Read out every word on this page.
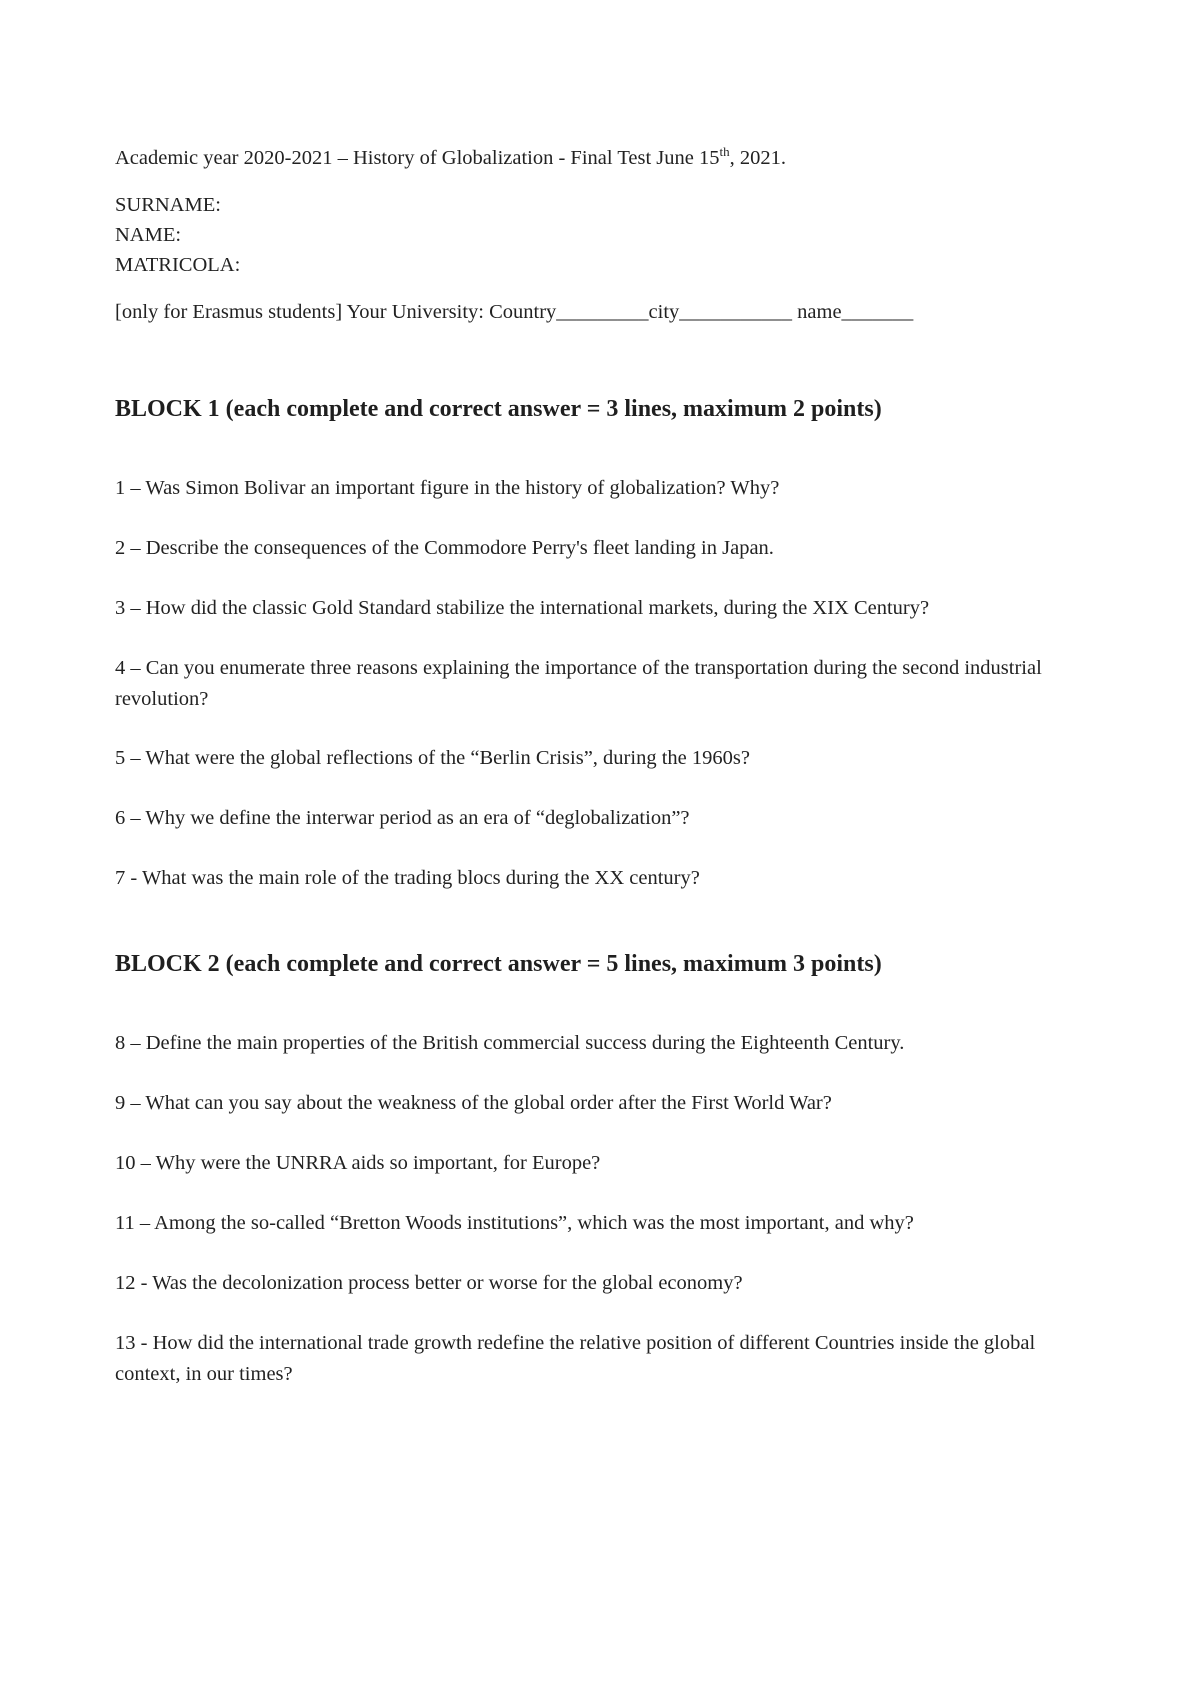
Academic year 2020-2021 – History of Globalization - Final Test June 15th, 2021.
SURNAME:
NAME:
MATRICOLA:
[only for Erasmus students] Your University: Country_________city___________ name_______
BLOCK 1 (each complete and correct answer = 3 lines, maximum 2 points)
1 – Was Simon Bolivar an important figure in the history of globalization? Why?
2 – Describe the consequences of the Commodore Perry's fleet landing in Japan.
3 – How did the classic Gold Standard stabilize the international markets, during the XIX Century?
4 – Can you enumerate three reasons explaining the importance of the transportation during the second industrial revolution?
5 – What were the global reflections of the “Berlin Crisis”, during the 1960s?
6 – Why we define the interwar period as an era of “deglobalization”?
7 - What was the main role of the trading blocs during the XX century?
BLOCK 2 (each complete and correct answer = 5 lines, maximum 3 points)
8 – Define the main properties of the British commercial success during the Eighteenth Century.
9 – What can you say about the weakness of the global order after the First World War?
10 – Why were the UNRRA aids so important, for Europe?
11 – Among the so-called “Bretton Woods institutions”, which was the most important, and why?
12 - Was the decolonization process better or worse for the global economy?
13 - How did the international trade growth redefine the relative position of different Countries inside the global context, in our times?
